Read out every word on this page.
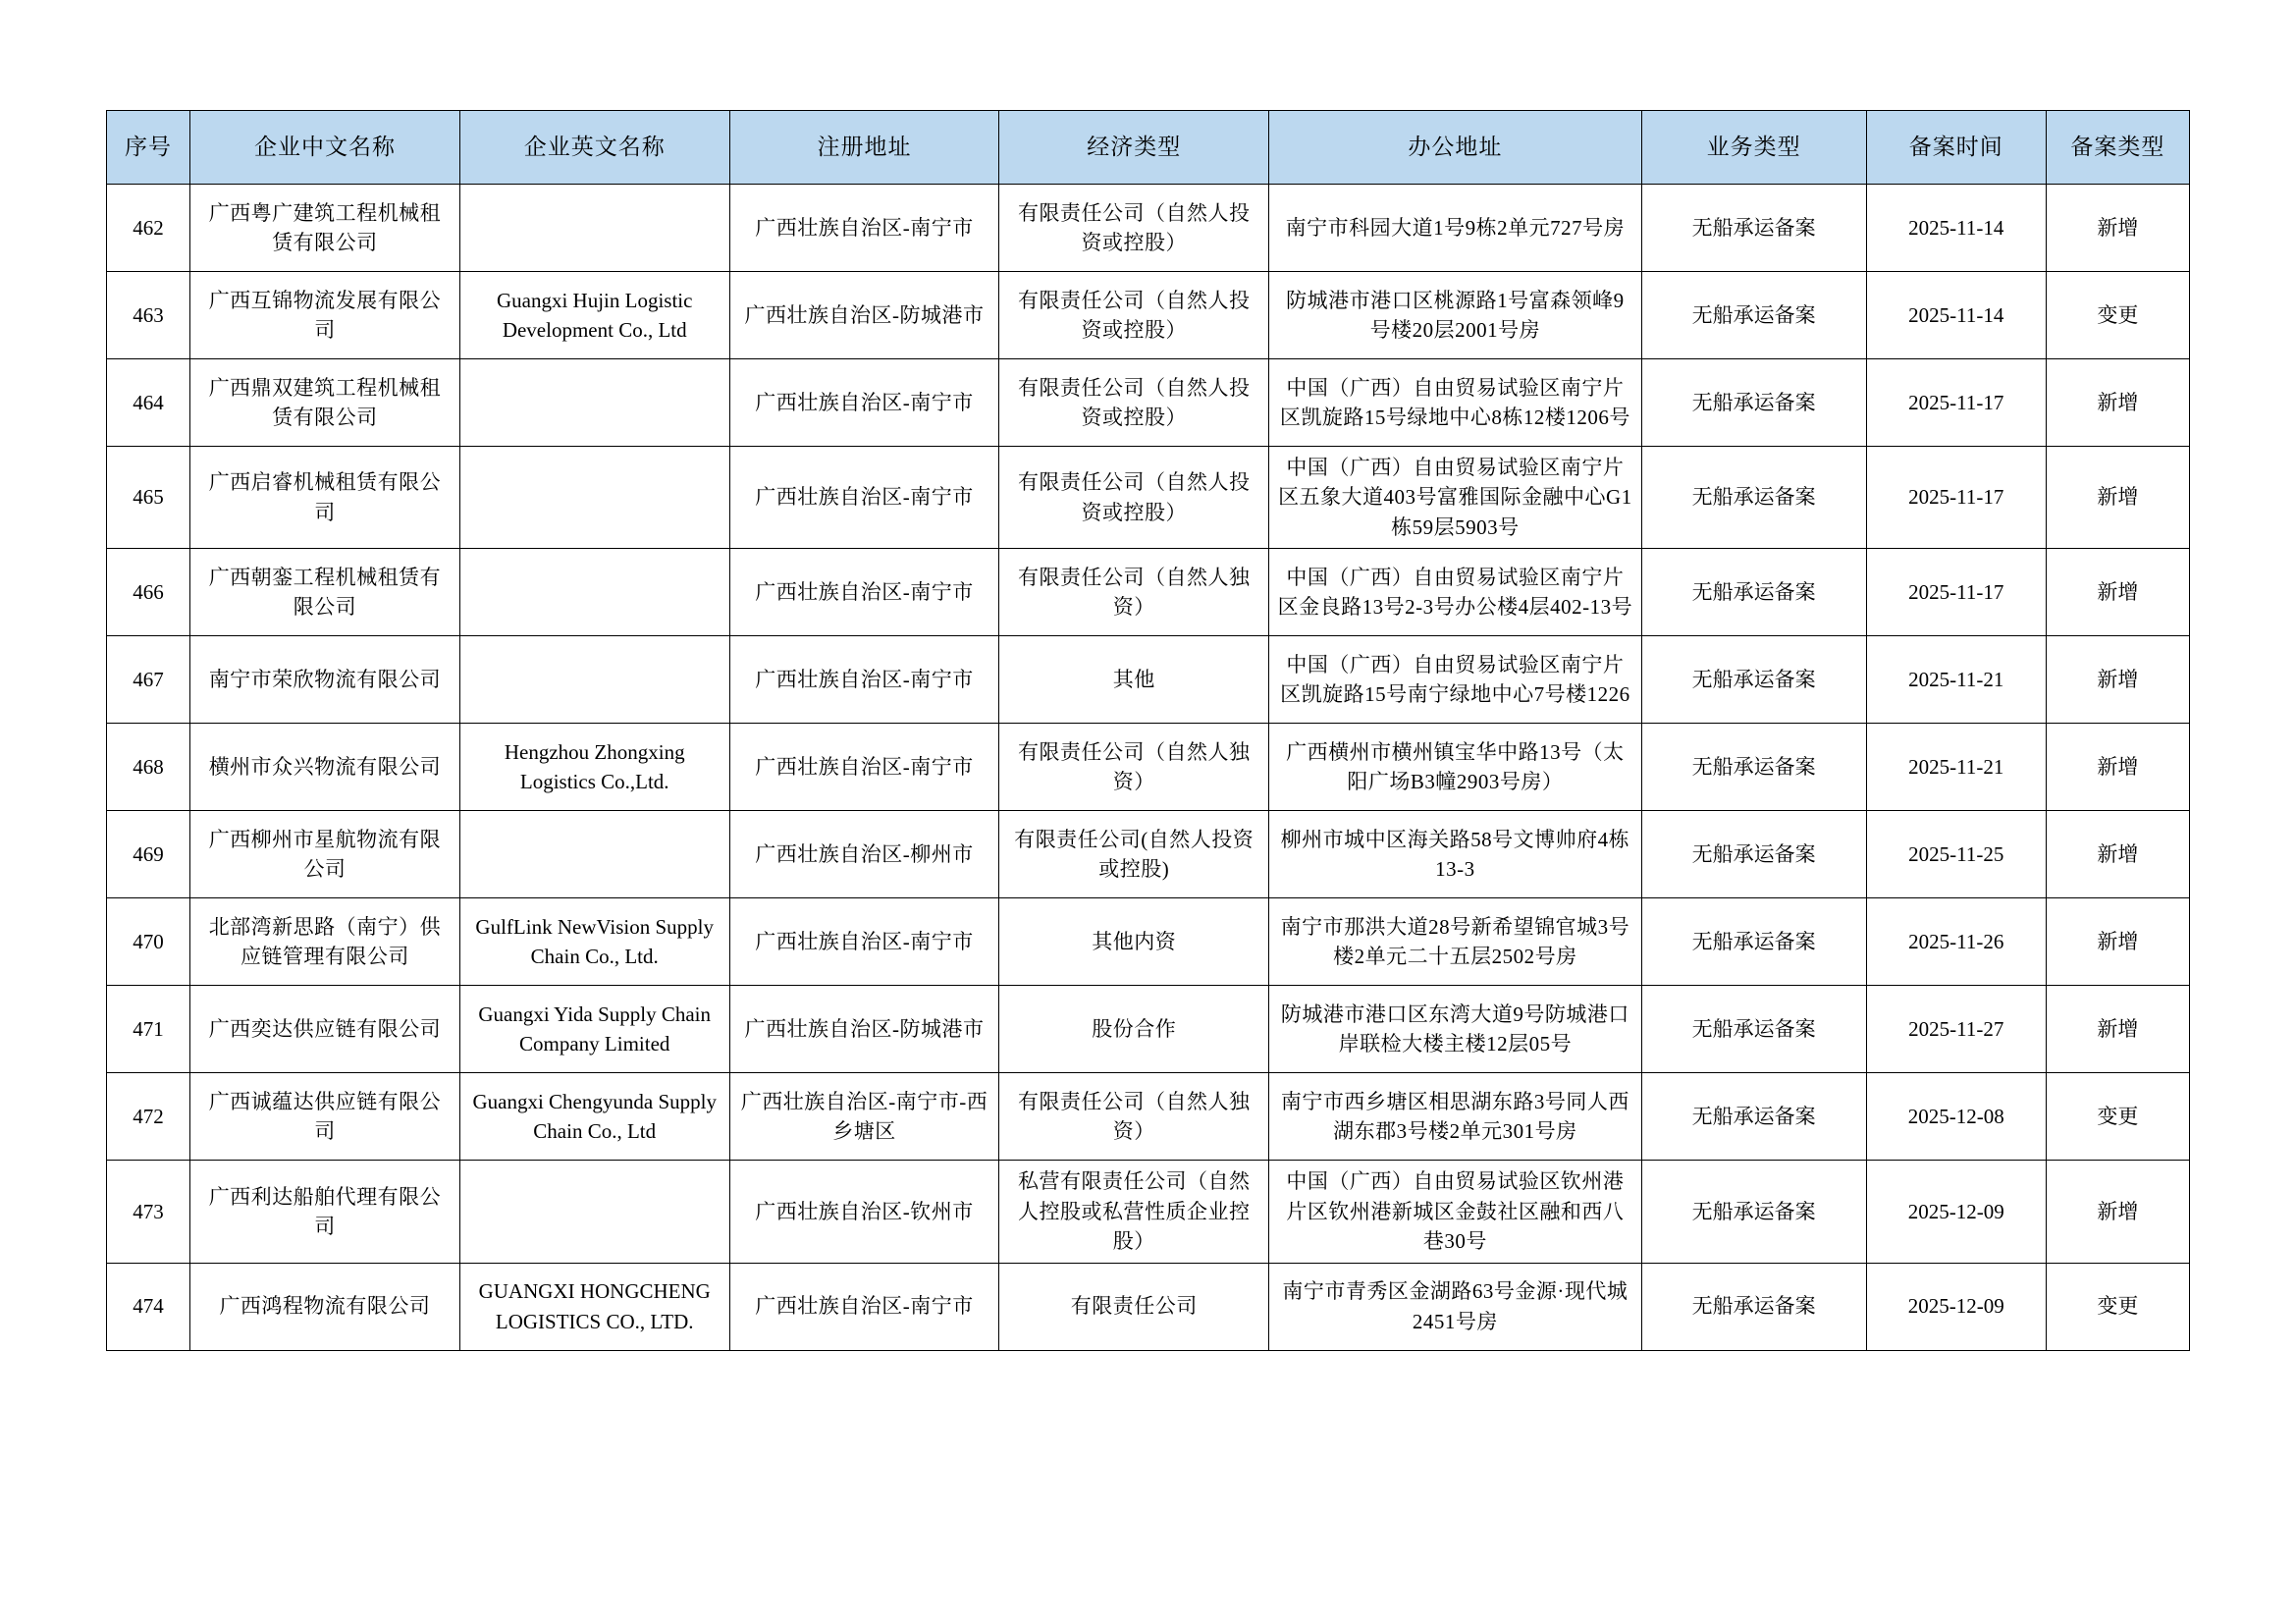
序号	企业中文名称	企业英文名称	注册地址	经济类型	办公地址	业务类型	备案时间	备案类型
462	广西粤广建筑工程机械租赁有限公司		广西壮族自治区-南宁市	有限责任公司（自然人投资或控股）	南宁市科园大道1号9栋2单元727号房	无船承运备案	2025-11-14	新增
463	广西互锦物流发展有限公司	Guangxi Hujin Logistic Development Co., Ltd	广西壮族自治区-防城港市	有限责任公司（自然人投资或控股）	防城港市港口区桃源路1号富森领峰9号楼20层2001号房	无船承运备案	2025-11-14	变更
464	广西鼎双建筑工程机械租赁有限公司		广西壮族自治区-南宁市	有限责任公司（自然人投资或控股）	中国（广西）自由贸易试验区南宁片区凯旋路15号绿地中心8栋12楼1206号	无船承运备案	2025-11-17	新增
465	广西启睿机械租赁有限公司		广西壮族自治区-南宁市	有限责任公司（自然人投资或控股）	中国（广西）自由贸易试验区南宁片区五象大道403号富雅国际金融中心G1栋59层5903号	无船承运备案	2025-11-17	新增
466	广西朝銮工程机械租赁有限公司		广西壮族自治区-南宁市	有限责任公司（自然人独资）	中国（广西）自由贸易试验区南宁片区金良路13号2-3号办公楼4层402-13号	无船承运备案	2025-11-17	新增
467	南宁市荣欣物流有限公司		广西壮族自治区-南宁市	其他	中国（广西）自由贸易试验区南宁片区凯旋路15号南宁绿地中心7号楼1226	无船承运备案	2025-11-21	新增
468	横州市众兴物流有限公司	Hengzhou Zhongxing Logistics Co.,Ltd.	广西壮族自治区-南宁市	有限责任公司（自然人独资）	广西横州市横州镇宝华中路13号（太阳广场B3幢2903号房）	无船承运备案	2025-11-21	新增
469	广西柳州市星航物流有限公司		广西壮族自治区-柳州市	有限责任公司(自然人投资或控股)	柳州市城中区海关路58号文博帅府4栋13-3	无船承运备案	2025-11-25	新增
470	北部湾新思路（南宁）供应链管理有限公司	GulfLink NewVision Supply Chain Co., Ltd.	广西壮族自治区-南宁市	其他内资	南宁市那洪大道28号新希望锦官城3号楼2单元二十五层2502号房	无船承运备案	2025-11-26	新增
471	广西奕达供应链有限公司	Guangxi Yida Supply Chain Company Limited	广西壮族自治区-防城港市	股份合作	防城港市港口区东湾大道9号防城港口岸联检大楼主楼12层05号	无船承运备案	2025-11-27	新增
472	广西诚蕴达供应链有限公司	Guangxi Chengyunda Supply Chain Co., Ltd	广西壮族自治区-南宁市-西乡塘区	有限责任公司（自然人独资）	南宁市西乡塘区相思湖东路3号同人西湖东郡3号楼2单元301号房	无船承运备案	2025-12-08	变更
473	广西利达船舶代理有限公司		广西壮族自治区-钦州市	私营有限责任公司（自然人控股或私营性质企业控股）	中国（广西）自由贸易试验区钦州港片区钦州港新城区金鼓社区融和西八巷30号	无船承运备案	2025-12-09	新增
474	广西鸿程物流有限公司	GUANGXI HONGCHENG LOGISTICS CO., LTD.	广西壮族自治区-南宁市	有限责任公司	南宁市青秀区金湖路63号金源·现代城2451号房	无船承运备案	2025-12-09	变更
